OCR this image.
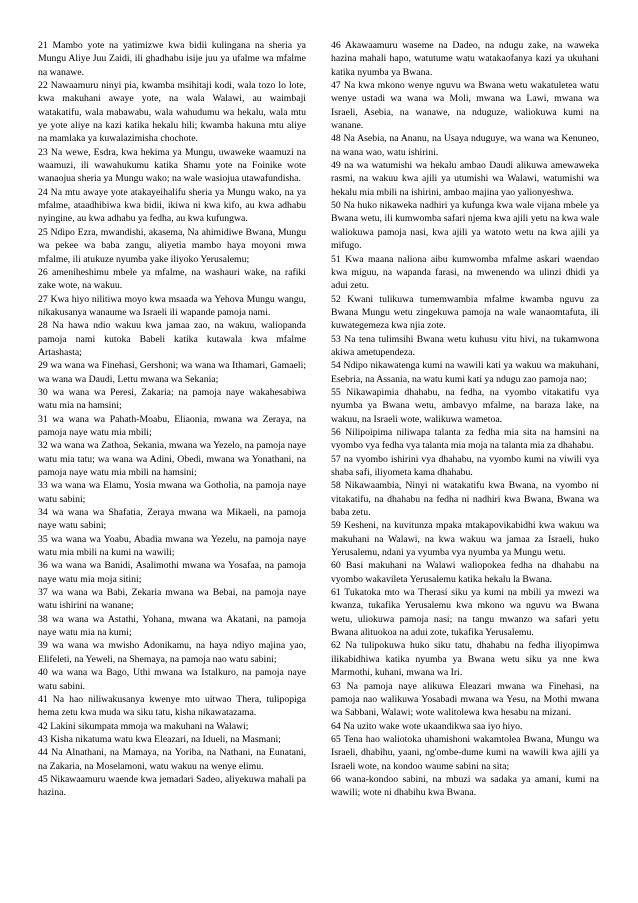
21 Mambo yote na yatimizwe kwa bidii kulingana na sheria ya Mungu Aliye Juu Zaidi, ili ghadhabu isije juu ya ufalme wa mfalme na wanawe.

22 Nawaamuru ninyi pia, kwamba msihitaji kodi, wala tozo lo lote, kwa makuhani awaye yote, na wala Walawi, au waimbaji watakatifu, wala mabawabu, wala wahudumu wa hekalu, wala mtu ye yote aliye na kazi katika hekalu hili; kwamba hakuna mtu aliye na mamlaka ya kuwalazimisha chochote.

23 Na wewe, Esdra, kwa hekima ya Mungu, uwaweke waamuzi na waamuzi, ili wawahukumu katika Shamu yote na Foinike wote wanaojua sheria ya Mungu wako; na wale wasiojua utawafundisha.

24 Na mtu awaye yote atakayeihalifu sheria ya Mungu wako, na ya mfalme, ataadhibiwa kwa bidii, ikiwa ni kwa kifo, au kwa adhabu nyingine, au kwa adhabu ya fedha, au kwa kufungwa.

25 Ndipo Ezra, mwandishi, akasema, Na ahimidiwe Bwana, Mungu wa pekee wa baba zangu, aliyetia mambo haya moyoni mwa mfalme, ili atukuze nyumba yake iliyoko Yerusalemu;

26 ameniheshimu mbele ya mfalme, na washauri wake, na rafiki zake wote, na wakuu.

27 Kwa hiyo nilitiwa moyo kwa msaada wa Yehova Mungu wangu, nikakusanya wanaume wa Israeli ili wapande pamoja nami.

28 Na hawa ndio wakuu kwa jamaa zao, na wakuu, waliopanda pamoja nami kutoka Babeli katika kutawala kwa mfalme Artashasta;

29 wa wana wa Finehasi, Gershoni; wa wana wa Ithamari, Gamaeli; wa wana wa Daudi, Lettu mwana wa Sekania;

30 wa wana wa Peresi, Zakaria; na pamoja naye wakahesabiwa watu mia na hamsini;

31 wa wana wa Pahath-Moabu, Eliaonia, mwana wa Zeraya, na pamoja naye watu mia mbili;

32 wa wana wa Zathoa, Sekania, mwana wa Yezelo, na pamoja naye watu mia tatu; wa wana wa Adini, Obedi, mwana wa Yonathani, na pamoja naye watu mia mbili na hamsini;

33 wa wana wa Elamu, Yosia mwana wa Gotholia, na pamoja naye watu sabini;

34 wa wana wa Shafatia, Zeraya mwana wa Mikaeli, na pamoja naye watu sabini;

35 wa wana wa Yoabu, Abadia mwana wa Yezelu, na pamoja naye watu mia mbili na kumi na wawili;

36 wa wana wa Banidi, Asalimothi mwana wa Yosafaa, na pamoja naye watu mia moja sitini;

37 wa wana wa Babi, Zekaria mwana wa Bebai, na pamoja naye watu ishirini na wanane;

38 wa wana wa Astathi, Yohana, mwana wa Akatani, na pamoja naye watu mia na kumi;

39 wa wana wa mwisho Adonikamu, na haya ndiyo majina yao, Elifeleti, na Yeweli, na Shemaya, na pamoja nao watu sabini;

40 wa wana wa Bago, Uthi mwana wa Istalkuro, na pamoja naye watu sabini.

41 Na hao niliwakusanya kwenye mto uitwao Thera, tulipopiga hema zetu kwa muda wa siku tatu, kisha nikawatazama.

42 Lakini sikumpata mmoja wa makuhani na Walawi;

43 Kisha nikatuma watu kwa Eleazari, na Idueli, na Masmani;

44 Na Alnathani, na Mamaya, na Yoriba, na Nathani, na Eunatani, na Zakaria, na Moselamoni, watu wakuu na wenye elimu.

45 Nikawaamuru waende kwa jemadari Sadeo, aliyekuwa mahali pa hazina.

46 Akawaamuru waseme na Dadeo, na ndugu zake, na waweka hazina mahali hapo, watutume watu watakaofanya kazi ya ukuhani katika nyumba ya Bwana.

47 Na kwa mkono wenye nguvu wa Bwana wetu wakatuletea watu wenye ustadi wa wana wa Moli, mwana wa Lawi, mwana wa Israeli, Asebia, na wanawe, na nduguze, waliokuwa kumi na wanane.

48 Na Asebia, na Ananu, na Usaya nduguye, wa wana wa Kenuneo, na wana wao, watu ishirini.

49 na wa watumishi wa hekalu ambao Daudi alikuwa amewaweka rasmi, na wakuu kwa ajili ya utumishi wa Walawi, watumishi wa hekalu mia mbili na ishirini, ambao majina yao yalionyeshwa.

50 Na huko nikaweka nadhiri ya kufunga kwa wale vijana mbele ya Bwana wetu, ili kumwomba safari njema kwa ajili yetu na kwa wale waliokuwa pamoja nasi, kwa ajili ya watoto wetu na kwa ajili ya mifugo.

51 Kwa maana naliona aibu kumwomba mfalme askari waendao kwa miguu, na wapanda farasi, na mwenendo wa ulinzi dhidi ya adui zetu.

52 Kwani tulikuwa tumemwambia mfalme kwamba nguvu za Bwana Mungu wetu zingekuwa pamoja na wale wanaomtafuta, ili kuwategemeza kwa njia zote.

53 Na tena tulimsihi Bwana wetu kuhusu vitu hivi, na tukamwona akiwa ametupendeza.

54 Ndipo nikawatenga kumi na wawili kati ya wakuu wa makuhani, Esebria, na Assania, na watu kumi kati ya ndugu zao pamoja nao;

55 Nikawapimia dhahabu, na fedha, na vyombo vitakatifu vya nyumba ya Bwana wetu, ambavyo mfalme, na baraza lake, na wakuu, na Israeli wote, walikuwa wametoa.

56 Nilipoipima niliwapa talanta za fedha mia sita na hamsini na vyombo vya fedha vya talanta mia moja na talanta mia za dhahabu.

57 na vyombo ishirini vya dhahabu, na vyombo kumi na viwili vya shaba safi, iliyometa kama dhahabu.

58 Nikawaambia, Ninyi ni watakatifu kwa Bwana, na vyombo ni vitakatifu, na dhahabu na fedha ni nadhiri kwa Bwana, Bwana wa baba zetu.

59 Kesheni, na kuvitunza mpaka mtakapovikabidhi kwa wakuu wa makuhani na Walawi, na kwa wakuu wa jamaa za Israeli, huko Yerusalemu, ndani ya vyumba vya nyumba ya Mungu wetu.

60 Basi makuhani na Walawi waliopokea fedha na dhahabu na vyombo wakavileta Yerusalemu katika hekalu la Bwana.

61 Tukatoka mto wa Therasi siku ya kumi na mbili ya mwezi wa kwanza, tukafika Yerusalemu kwa mkono wa nguvu wa Bwana wetu, uliokuwa pamoja nasi; na tangu mwanzo wa safari yetu Bwana alituokoa na adui zote, tukafika Yerusalemu.

62 Na tulipokuwa huko siku tatu, dhahabu na fedha iliyopimwa ilikabidhiwa katika nyumba ya Bwana wetu siku ya nne kwa Marmothi, kuhani, mwana wa Iri.

63 Na pamoja naye alikuwa Eleazari mwana wa Finehasi, na pamoja nao walikuwa Yosabadi mwana wa Yesu, na Mothi mwana wa Sabbani, Walawi; wote walitolewa kwa hesabu na mizani.

64 Na uzito wake wote ukaandikwa saa iyo hiyo.

65 Tena hao waliotoka uhamishoni wakamtolea Bwana, Mungu wa Israeli, dhabihu, yaani, ng'ombe-dume kumi na wawili kwa ajili ya Israeli wote, na kondoo waume sabini na sita;

66 wana-kondoo sabini, na mbuzi wa sadaka ya amani, kumi na wawili; wote ni dhabihu kwa Bwana.
